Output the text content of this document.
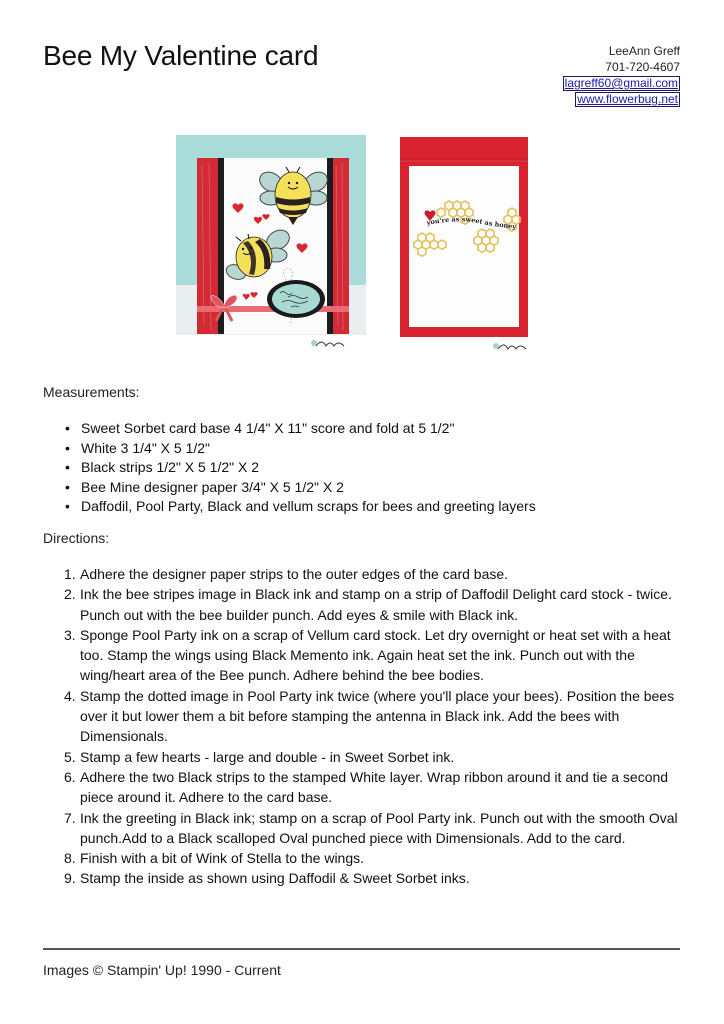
Bee My Valentine card	LeeAnn Greff
701-720-4607
lagreff60@gmail.com
www.flowerbug.net
you're as sweet as honey
Measurements:
• Sweet Sorbet card base 4 1/4" X 11" score and fold at 5 1/2"
• White 3 1/4" X 5 1/2"
• Black strips 1/2" X 5 1/2" X 2
• Bee Mine designer paper 3/4" X 5 1/2" X 2
• Daffodil, Pool Party, Black and vellum scraps for bees and greeting layers
Directions:
1. Adhere the designer paper strips to the outer edges of the card base.
2. Ink the bee stripes image in Black ink and stamp on a strip of Daffodil Delight card stock - twice. Punch out with the bee builder punch. Add eyes & smile with Black ink.
3. Sponge Pool Party ink on a scrap of Vellum card stock. Let dry overnight or heat set with a heat too. Stamp the wings using Black Memento ink. Again heat set the ink. Punch out with the wing/heart area of the Bee punch. Adhere behind the bee bodies.
4. Stamp the dotted image in Pool Party ink twice (where you'll place your bees). Position the bees over it but lower them a bit before stamping the antenna in Black ink. Add the bees with Dimensionals.
5. Stamp a few hearts - large and double - in Sweet Sorbet ink.
6. Adhere the two Black strips to the stamped White layer. Wrap ribbon around it and tie a second piece around it. Adhere to the card base.
7. Ink the greeting in Black ink; stamp on a scrap of Pool Party ink. Punch out with the smooth Oval punch.Add to a Black scalloped Oval punched piece with Dimensionals. Add to the card.
8. Finish with a bit of Wink of Stella to the wings.
9. Stamp the inside as shown using Daffodil & Sweet Sorbet inks.
Images © Stampin' Up! 1990 - Current
